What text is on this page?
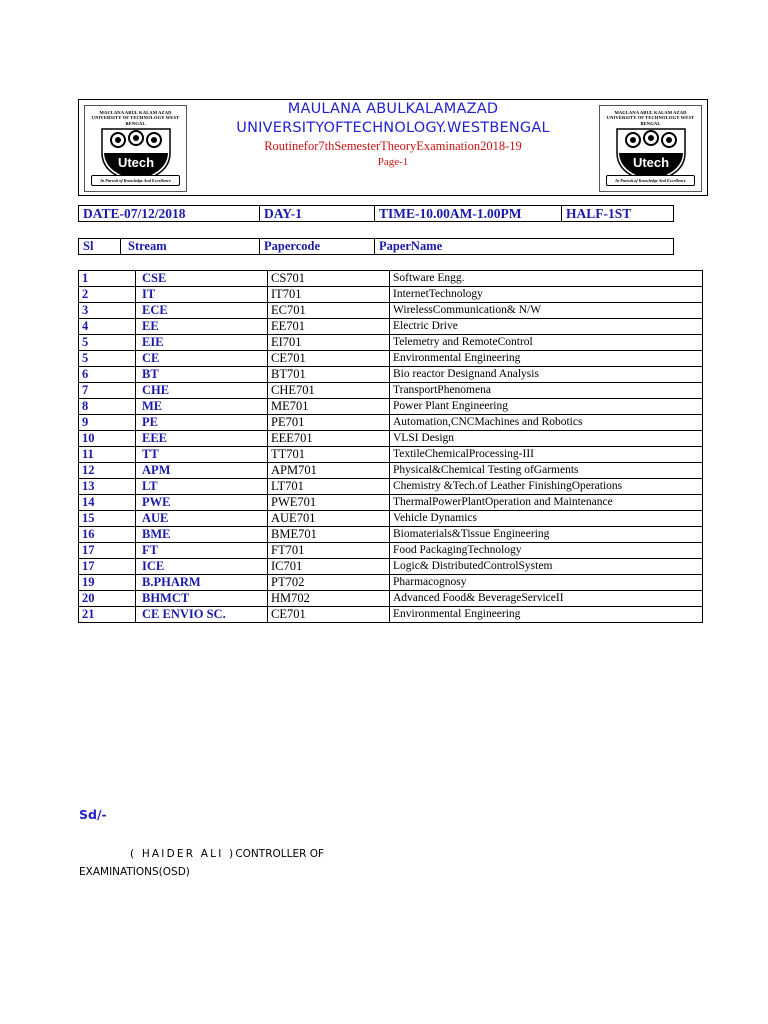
MAULANA ABUL KALAM AZAD UNIVERSITY OF TECHNOLOGY WEST BENGAL
Utech
In Pursuit of Knowledge And Excellence
MAULANA ABULKALAMAZAD
UNIVERSITYOFTECHNOLOGY.WESTBENGAL
Routinefor7thSemesterTheoryExamination2018-19
Page-1
MAULANA ABUL KALAM AZAD UNIVERSITY OF TECHNOLOGY WEST BENGAL
Utech
In Pursuit of Knowledge And Excellence
DATE-07/12/2018	DAY-1	TIME-10.00AM-1.00PM	HALF-1ST
Sl	Stream	Papercode	PaperName
1	CSE	CS701	Software Engg.
2	IT	IT701	InternetTechnology
3	ECE	EC701	WirelessCommunication& N/W
4	EE	EE701	Electric Drive
5	EIE	EI701	Telemetry and RemoteControl
5	CE	CE701	Environmental Engineering
6	BT	BT701	Bio reactor Designand Analysis
7	CHE	CHE701	TransportPhenomena
8	ME	ME701	Power Plant Engineering
9	PE	PE701	Automation,CNCMachines and Robotics
10	EEE	EEE701	VLSI Design
11	TT	TT701	TextileChemicalProcessing-III
12	APM	APM701	Physical&Chemical Testing ofGarments
13	LT	LT701	Chemistry &Tech.of Leather FinishingOperations
14	PWE	PWE701	ThermalPowerPlantOperation and Maintenance
15	AUE	AUE701	Vehicle Dynamics
16	BME	BME701	Biomaterials&Tissue Engineering
17	FT	FT701	Food PackagingTechnology
17	ICE	IC701	Logic& DistributedControlSystem
19	B.PHARM	PT702	Pharmacognosy
20	BHMCT	HM702	Advanced Food& BeverageServiceII
21	CE ENVIO SC.	CE701	Environmental Engineering
Sd/-
( HAIDER ALI )CONTROLLER OF
EXAMINATIONS(OSD)
